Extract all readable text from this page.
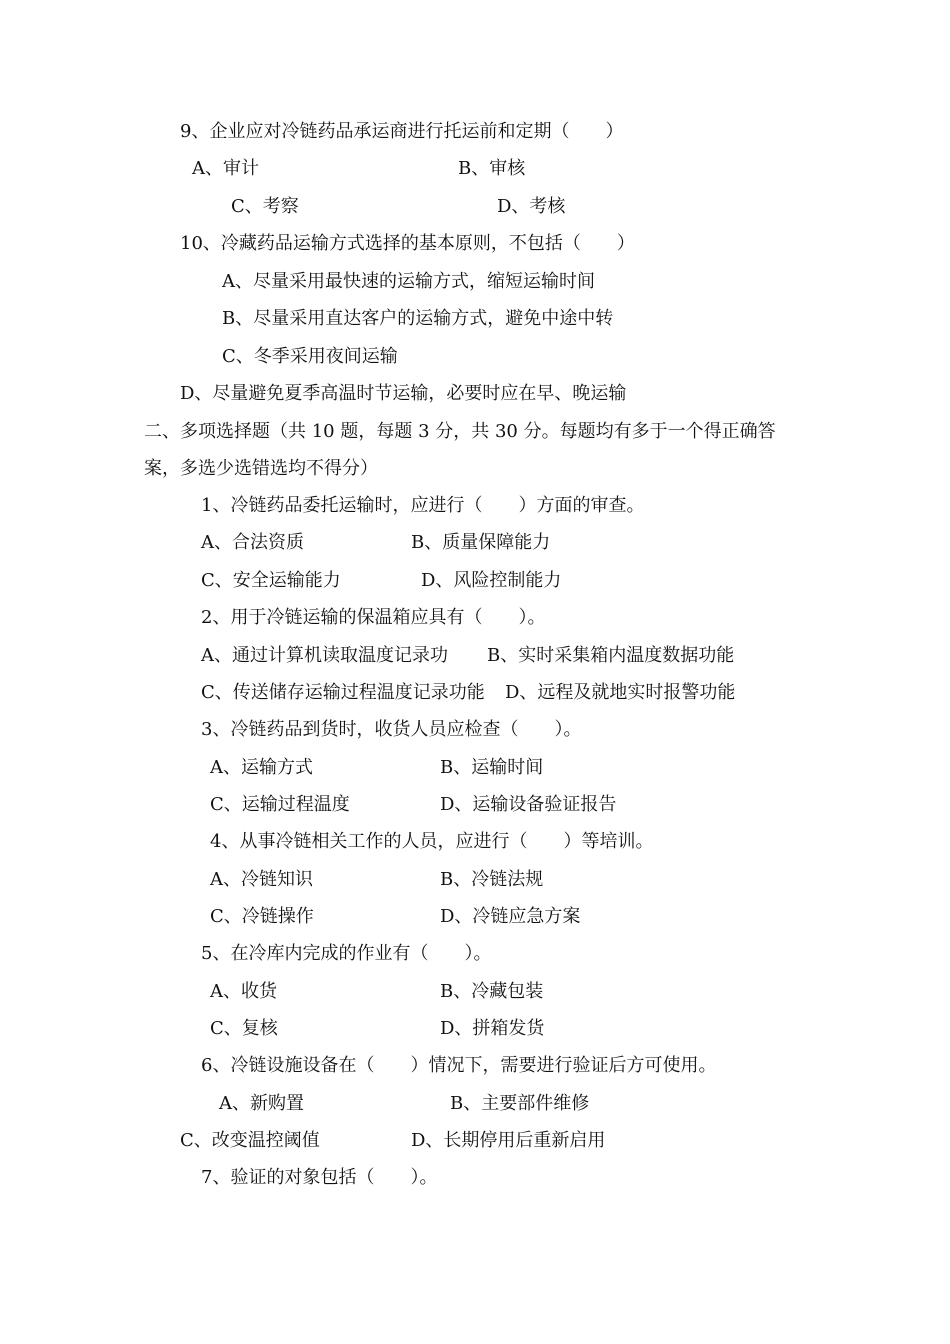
9、企业应对冷链药品承运商进行托运前和定期（　　）
A、审计	B、审核
C、考察	D、考核
10、冷藏药品运输方式选择的基本原则，不包括（　　）
A、尽量采用最快速的运输方式，缩短运输时间
B、尽量采用直达客户的运输方式，避免中途中转
C、冬季采用夜间运输
D、尽量避免夏季高温时节运输，必要时应在早、晚运输
二、多项选择题（共 10 题，每题 3 分，共 30 分。每题均有多于一个得正确答
案，多选少选错选均不得分）
1、冷链药品委托运输时，应进行（　　）方面的审查。
A、合法资质	B、质量保障能力
C、安全运输能力	D、风险控制能力
2、用于冷链运输的保温箱应具有（　　）。
A、通过计算机读取温度记录功 B、实时采集箱内温度数据功能
C、传送储存运输过程温度记录功能 D、远程及就地实时报警功能
3、冷链药品到货时，收货人员应检查（　　）。
A、运输方式	B、运输时间
C、运输过程温度	D、运输设备验证报告
4、从事冷链相关工作的人员，应进行（　　）等培训。
A、冷链知识	B、冷链法规
C、冷链操作	D、冷链应急方案
5、在冷库内完成的作业有（　　）。
A、收货	B、冷藏包装
C、复核	D、拼箱发货
6、冷链设施设备在（　　）情况下，需要进行验证后方可使用。
A、新购置	B、主要部件维修
C、改变温控阈值	D、长期停用后重新启用
7、验证的对象包括（　　）。
